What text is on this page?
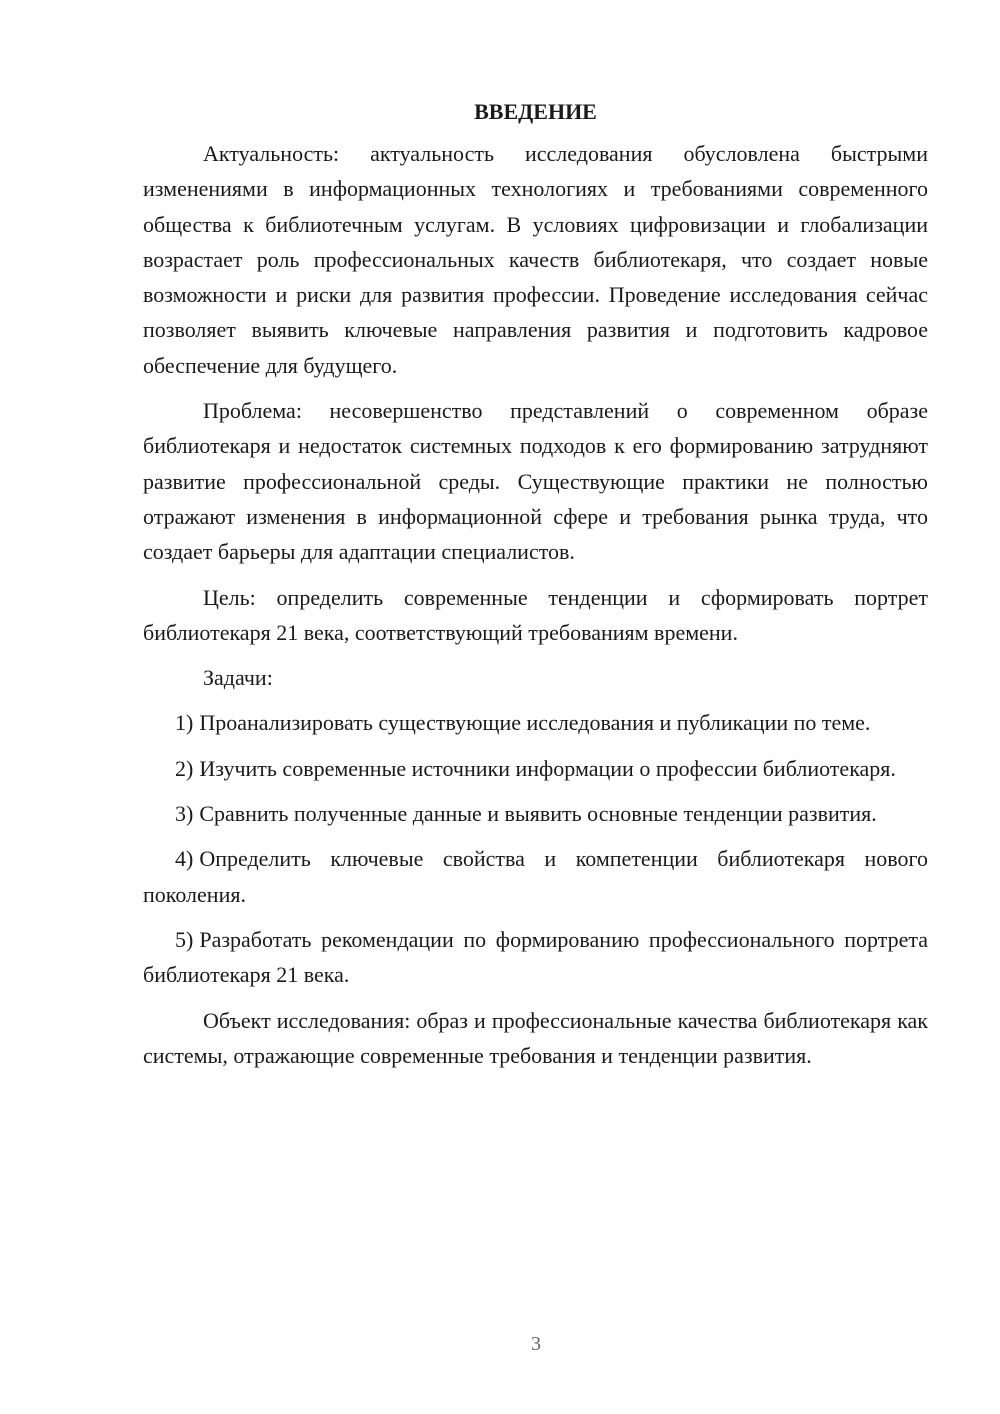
ВВЕДЕНИЕ

Актуальность: актуальность исследования обусловлена быстрыми изменениями в информационных технологиях и требованиями современного общества к библиотечным услугам. В условиях цифровизации и глобализации возрастает роль профессиональных качеств библиотекаря, что создает новые возможности и риски для развития профессии. Проведение исследования сейчас позволяет выявить ключевые направления развития и подготовить кадровое обеспечение для будущего.

Проблема: несовершенство представлений о современном образе библиотекаря и недостаток системных подходов к его формированию затрудняют развитие профессиональной среды. Существующие практики не полностью отражают изменения в информационной сфере и требования рынка труда, что создает барьеры для адаптации специалистов.

Цель: определить современные тенденции и сформировать портрет библиотекаря 21 века, соответствующий требованиям времени.

Задачи:

1) Проанализировать существующие исследования и публикации по теме.

2) Изучить современные источники информации о профессии библиотекаря.

3) Сравнить полученные данные и выявить основные тенденции развития.

4) Определить ключевые свойства и компетенции библиотекаря нового поколения.

5) Разработать рекомендации по формированию профессионального портрета библиотекаря 21 века.

Объект исследования: образ и профессиональные качества библиотекаря как системы, отражающие современные требования и тенденции развития.

3
